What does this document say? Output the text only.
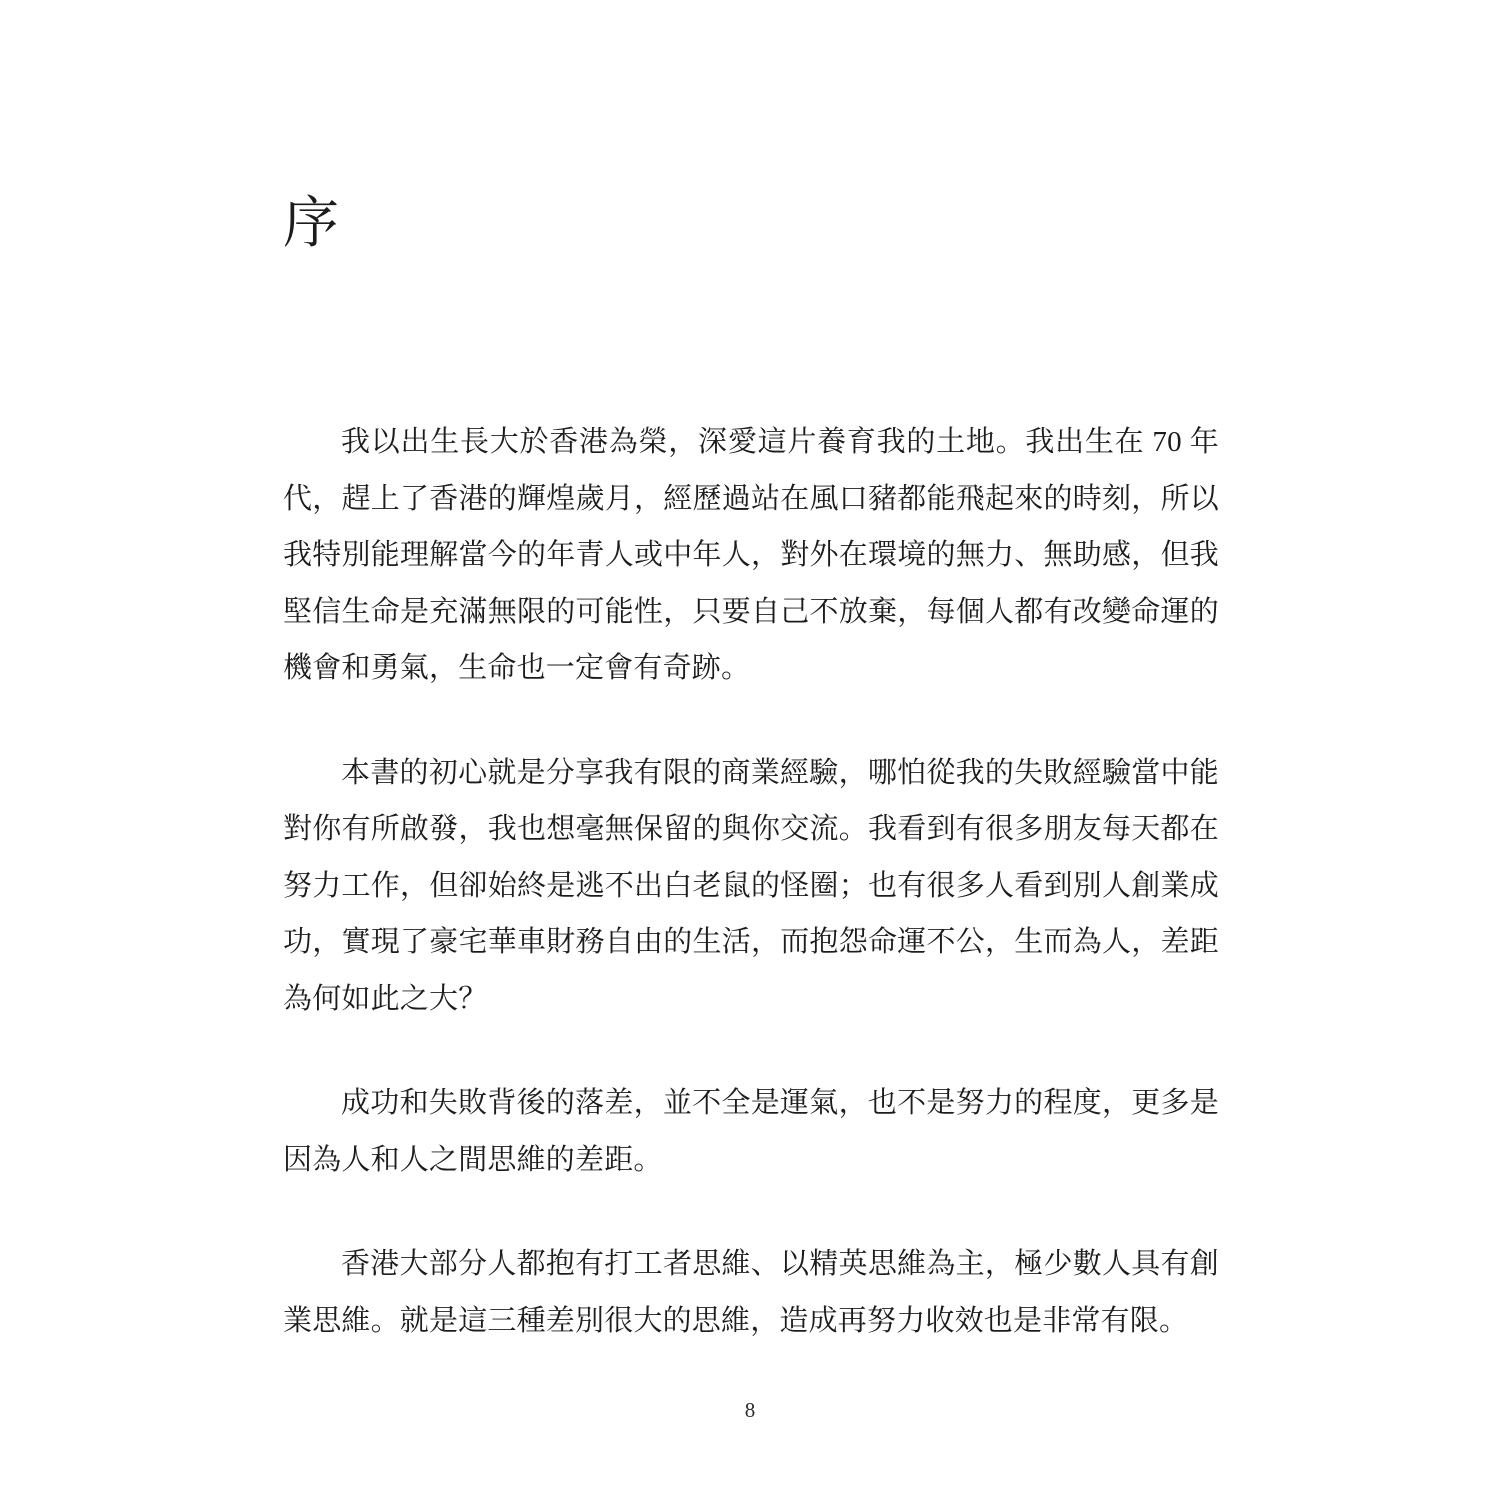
序

我以出生長大於香港為榮，深愛這片養育我的土地。我出生在 70 年代，趕上了香港的輝煌歲月，經歷過站在風口豬都能飛起來的時刻，所以我特別能理解當今的年青人或中年人，對外在環境的無力、無助感，但我堅信生命是充滿無限的可能性，只要自己不放棄，每個人都有改變命運的機會和勇氣，生命也一定會有奇跡。

本書的初心就是分享我有限的商業經驗，哪怕從我的失敗經驗當中能對你有所啟發，我也想毫無保留的與你交流。我看到有很多朋友每天都在努力工作，但卻始終是逃不出白老鼠的怪圈；也有很多人看到別人創業成功，實現了豪宅華車財務自由的生活，而抱怨命運不公，生而為人，差距為何如此之大？

成功和失敗背後的落差，並不全是運氣，也不是努力的程度，更多是因為人和人之間思維的差距。

香港大部分人都抱有打工者思維、以精英思維為主，極少數人具有創業思維。就是這三種差別很大的思維，造成再努力收效也是非常有限。

8
